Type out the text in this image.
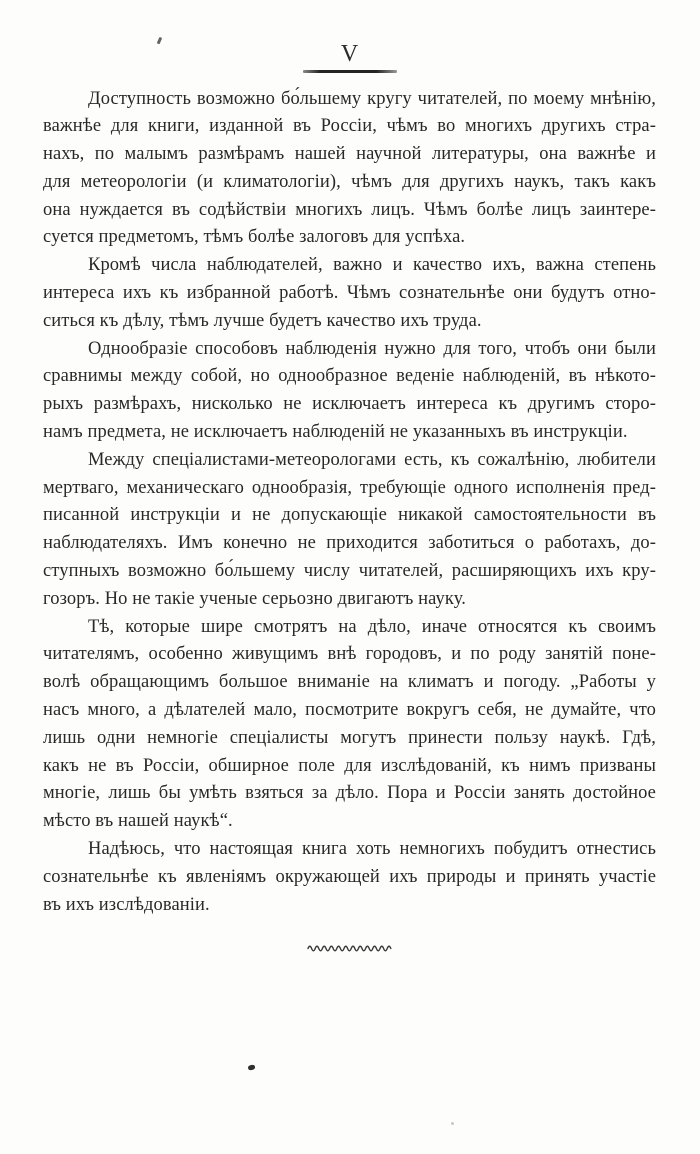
V

Доступность возможно бо́льшему кругу читателей, по моему мнѣнію,
важнѣе для книги, изданной въ Россіи, чѣмъ во многихъ другихъ стра-
нахъ, по малымъ размѣрамъ нашей научной литературы, она важнѣе и
для метеорологіи (и климатологіи), чѣмъ для другихъ наукъ, такъ какъ
она нуждается въ содѣйствіи многихъ лицъ. Чѣмъ болѣе лицъ заинтере-
суется предметомъ, тѣмъ болѣе залоговъ для успѣха.

Кромѣ числа наблюдателей, важно и качество ихъ, важна степень
интереса ихъ къ избранной работѣ. Чѣмъ сознательнѣе они будутъ отно-
ситься къ дѣлу, тѣмъ лучше будетъ качество ихъ труда.

Однообразіе способовъ наблюденія нужно для того, чтобъ они были
сравнимы между собой, но однообразное веденіе наблюденій, въ нѣкото-
рыхъ размѣрахъ, нисколько не исключаетъ интереса къ другимъ сторо-
намъ предмета, не исключаетъ наблюденій не указанныхъ въ инструкціи.

Между спеціалистами-метеорологами есть, къ сожалѣнію, любители
мертваго, механическаго однообразія, требующіе одного исполненія пред-
писанной инструкціи и не допускающіе никакой самостоятельности въ
наблюдателяхъ. Имъ конечно не приходится заботиться о работахъ, до-
ступныхъ возможно бо́льшему числу читателей, расширяющихъ ихъ кру-
гозоръ. Но не такіе ученые серьозно двигаютъ науку.

Тѣ, которые шире смотрятъ на дѣло, иначе относятся къ своимъ
читателямъ, особенно живущимъ внѣ городовъ, и по роду занятій поне-
волѣ обращающимъ большое вниманіе на климатъ и погоду. „Работы у
насъ много, а дѣлателей мало, посмотрите вокругъ себя, не думайте, что
лишь одни немногіе спеціалисты могутъ принести пользу наукѣ. Гдѣ,
какъ не въ Россіи, обширное поле для изслѣдованій, къ нимъ призваны
многіе, лишь бы умѣть взяться за дѣло. Пора и Россіи занять достойное
мѣсто въ нашей наукѣ“.

Надѣюсь, что настоящая книга хоть немногихъ побудитъ отнестись
сознательнѣе къ явленіямъ окружающей ихъ природы и принять участіе
въ ихъ изслѣдованіи.
